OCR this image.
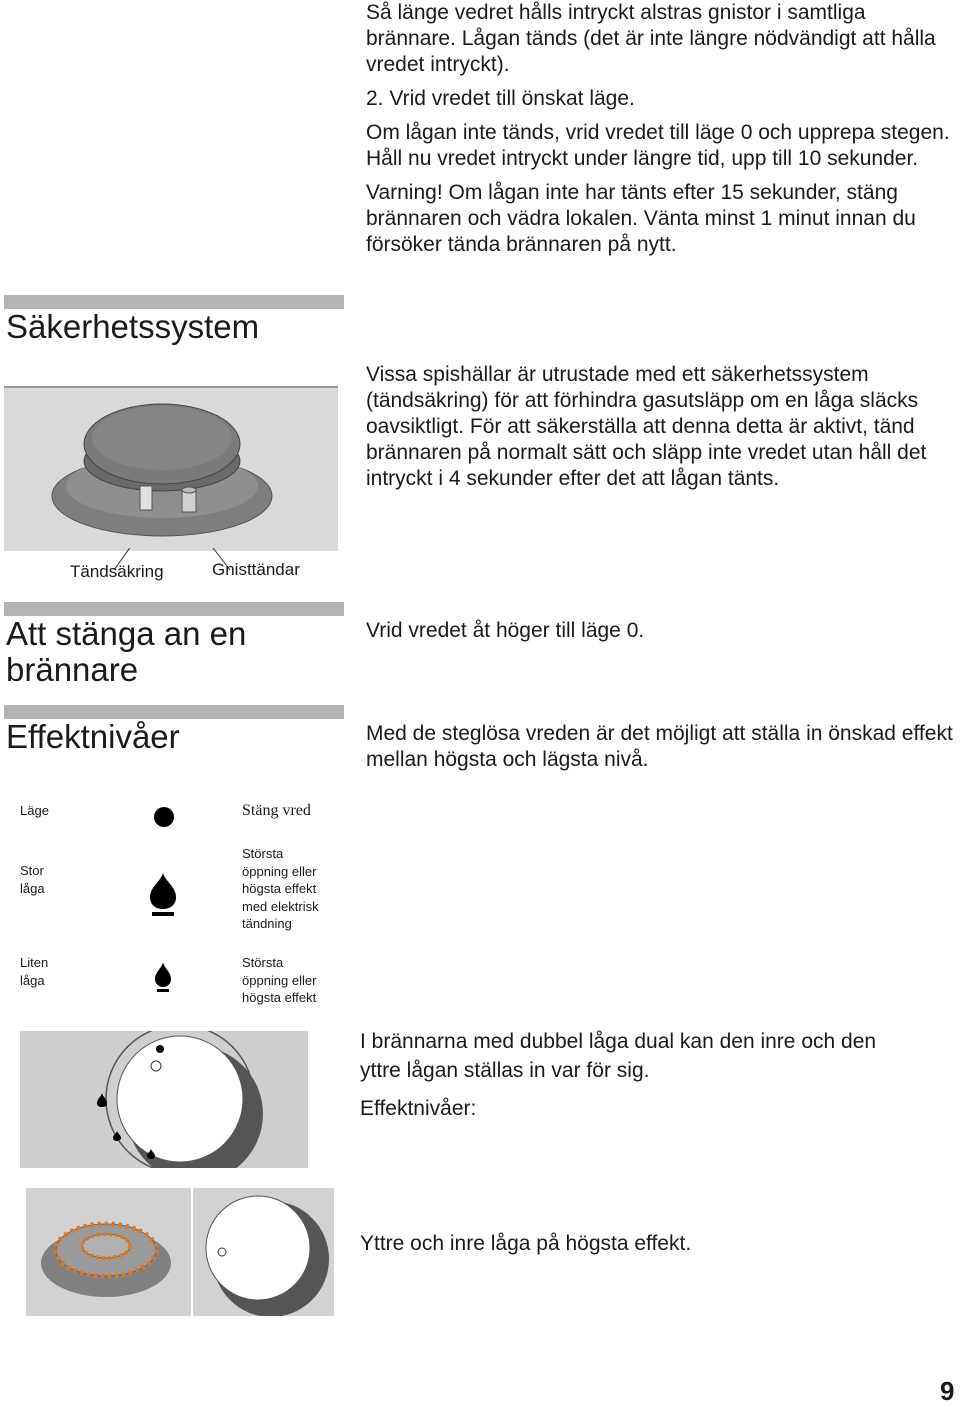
Så länge vedret hålls intryckt alstras gnistor i samtliga brännare. Lågan tänds (det är inte längre nödvändigt att hålla vredet intryckt).

2. Vrid vredet till önskat läge.

Om lågan inte tänds, vrid vredet till läge 0 och upprepa stegen. Håll nu vredet intryckt under längre tid, upp till 10 sekunder.

Varning! Om lågan inte har tänts efter 15 sekunder, stäng brännaren och vädra lokalen. Vänta minst 1 minut innan du försöker tända brännaren på nytt.

Säkerhetssystem
Tändsäkring	Gnisttändar
Vissa spishällar är utrustade med ett säkerhetssystem (tändsäkring) för att förhindra gasutsläpp om en låga släcks oavsiktligt. För att säkerställa att denna detta är aktivt, tänd brännaren på normalt sätt och släpp inte vredet utan håll det intryckt i 4 sekunder efter det att lågan tänts.
Att stänga an en brännare
Vrid vredet åt höger till läge 0.
Effektnivåer	Med de steglösa vreden är det möjligt att ställa in önskad effekt mellan högsta och lägsta nivå.
Läge	Stäng vred
Stor låga
Största öppning eller högsta effekt med elektrisk tändning
Liten låga
Största öppning eller högsta effekt
I brännarna med dubbel låga dual kan den inre och den yttre lågan ställas in var för sig.
Effektnivåer:
Yttre och inre låga på högsta effekt.
9
